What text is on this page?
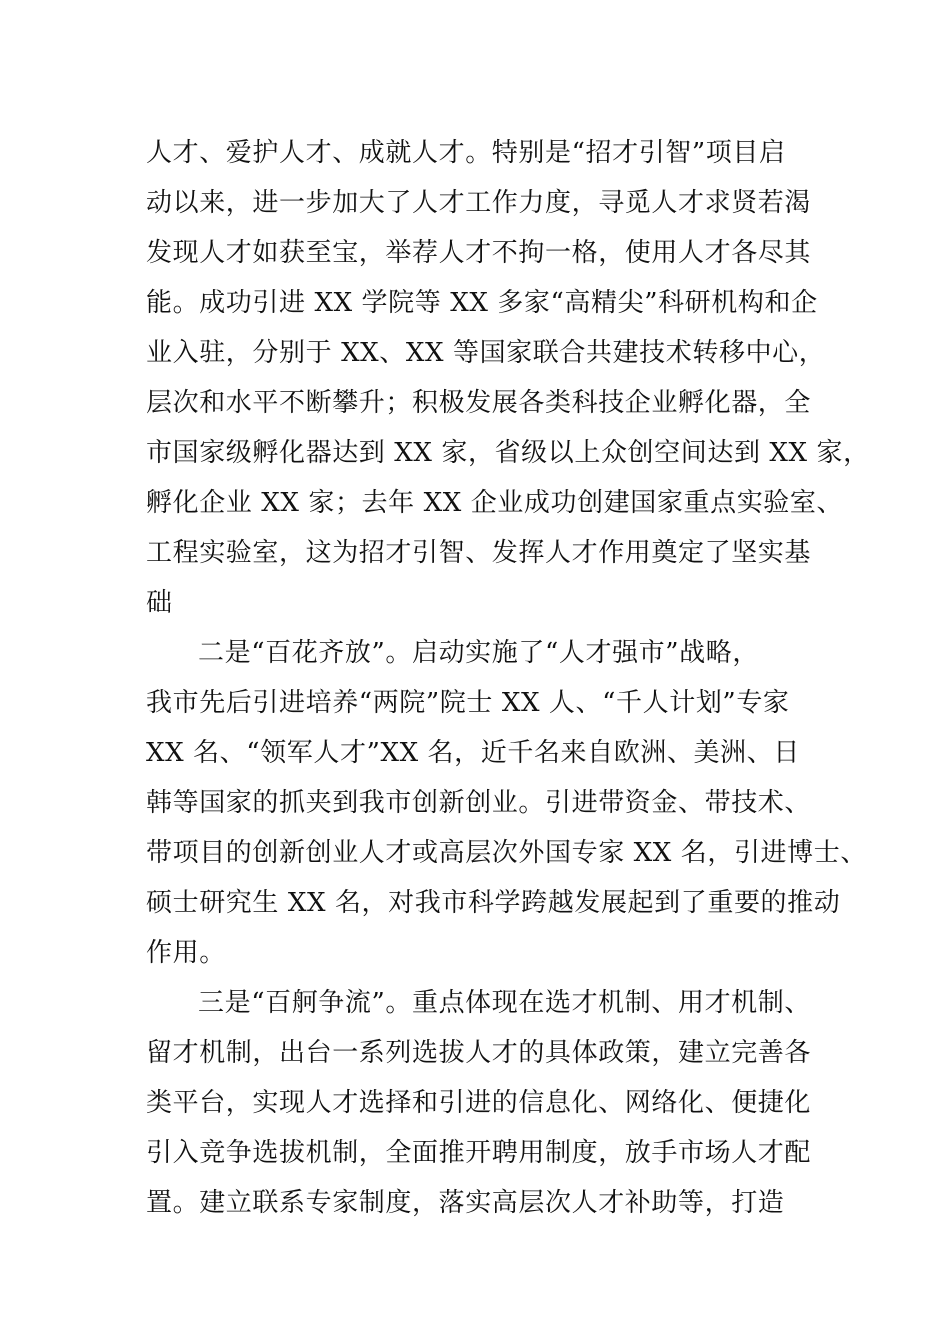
人才、爱护人才、成就人才。特别是“招才引智”项目启
动以来，进一步加大了人才工作力度，寻觅人才求贤若渴
发现人才如获至宝，举荐人才不拘一格，使用人才各尽其
能。成功引进 XX 学院等 XX 多家“高精尖”科研机构和企
业入驻，分别于 XX、XX 等国家联合共建技术转移中心，
层次和水平不断攀升；积极发展各类科技企业孵化器，全
市国家级孵化器达到 XX 家，省级以上众创空间达到 XX 家，
孵化企业 XX 家；去年 XX 企业成功创建国家重点实验室、
工程实验室，这为招才引智、发挥人才作用奠定了坚实基
础
二是“百花齐放”。启动实施了“人才强市”战略，
我市先后引进培养“两院”院士 XX 人、“千人计划”专家
XX 名、“领军人才”XX 名，近千名来自欧洲、美洲、日
韩等国家的抓夹到我市创新创业。引进带资金、带技术、
带项目的创新创业人才或高层次外国专家 XX 名，引进博士、
硕士研究生 XX 名，对我市科学跨越发展起到了重要的推动
作用。
三是“百舸争流”。重点体现在选才机制、用才机制、
留才机制，出台一系列选拔人才的具体政策，建立完善各
类平台，实现人才选择和引进的信息化、网络化、便捷化
引入竞争选拔机制，全面推开聘用制度，放手市场人才配
置。建立联系专家制度，落实高层次人才补助等，打造
